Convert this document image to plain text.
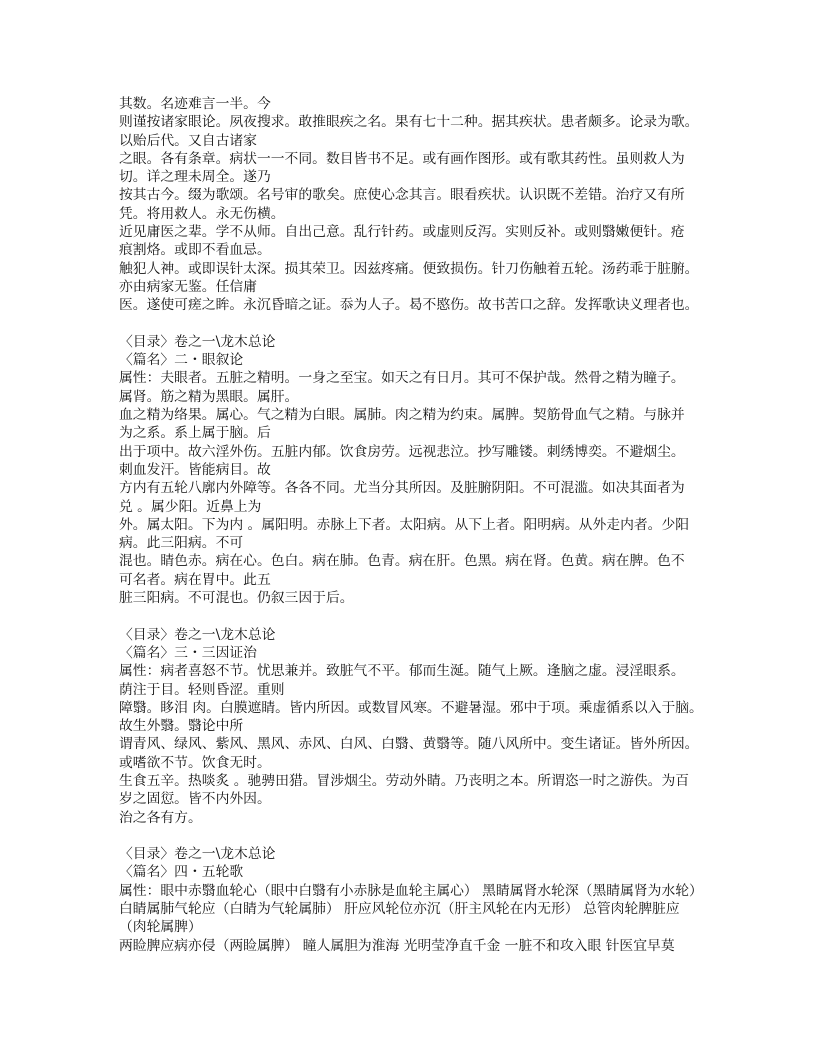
其数。名迹难言一半。今
则谨按诸家眼论。夙夜搜求。敢推眼疾之名。果有七十二种。据其疾状。患者颇多。论录为歌。
以贻后代。又自古诸家
之眼。各有条章。病状一一不同。数目皆书不足。或有画作图形。或有歌其药性。虽则救人为
切。详之理未周全。遂乃
按其古今。缀为歌颂。名号审的歌矣。庶使心念其言。眼看疾状。认识既不差错。治疗又有所
凭。将用救人。永无伤横。
近见庸医之辈。学不从师。自出己意。乱行针药。或虚则反泻。实则反补。或则翳嫩便针。疮
痕割烙。或即不看血忌。
触犯人神。或即误针太深。损其荣卫。因兹疼痛。便致损伤。针刀伤触着五轮。汤药乖于脏腑。
亦由病家无鉴。任信庸
医。遂使可瘥之眸。永沉昏暗之证。忝为人子。曷不愍伤。故书苦口之辞。发挥歌诀义理者也。
〈目录〉卷之一\龙木总论
〈篇名〉二・眼叙论
属性：夫眼者。五脏之精明。一身之至宝。如天之有日月。其可不保护哉。然骨之精为瞳子。
属肾。筋之精为黑眼。属肝。
血之精为络果。属心。气之精为白眼。属肺。肉之精为约束。属脾。契筋骨血气之精。与脉并
为之系。系上属于脑。后
出于项中。故六淫外伤。五脏内郁。饮食房劳。远视悲泣。抄写雕镂。刺绣博奕。不避烟尘。
刺血发汗。皆能病目。故
方内有五轮八廓内外障等。各各不同。尤当分其所因。及脏腑阴阳。不可混滥。如决其面者为
兑 。属少阳。近鼻上为
外。属太阳。下为内 。属阳明。赤脉上下者。太阳病。从下上者。阳明病。从外走内者。少阳
病。此三阳病。不可
混也。睛色赤。病在心。色白。病在肺。色青。病在肝。色黑。病在肾。色黄。病在脾。色不
可名者。病在胃中。此五
脏三阳病。不可混也。仍叙三因于后。
〈目录〉卷之一\龙木总论
〈篇名〉三・三因证治
属性：病者喜怒不节。忧思兼并。致脏气不平。郁而生涎。随气上厥。逢脑之虚。浸淫眼系。
荫注于目。轻则昏涩。重则
障翳。眵泪 肉。白膜遮睛。皆内所因。或数冒风寒。不避暑湿。邪中于项。乘虚循系以入于脑。
故生外翳。翳论中所
谓青风、绿风、紫风、黑风、赤风、白风、白翳、黄翳等。随八风所中。变生诸证。皆外所因。
或嗜欲不节。饮食无时。
生食五辛。热啖炙 。驰骋田猎。冒涉烟尘。劳动外睛。乃丧明之本。所谓恣一时之游佚。为百
岁之固愆。皆不内外因。
治之各有方。
〈目录〉卷之一\龙木总论
〈篇名〉四・五轮歌
属性：眼中赤翳血轮心（眼中白翳有小赤脉是血轮主属心） 黑睛属肾水轮深（黑睛属肾为水轮）
白睛属肺气轮应（白睛为气轮属肺） 肝应风轮位亦沉（肝主风轮在内无形） 总管肉轮脾脏应
（肉轮属脾）
两睑脾应病亦侵（两睑属脾） 瞳人属胆为淮海 光明莹净直千金 一脏不和攻入眼 针医宜早莫
